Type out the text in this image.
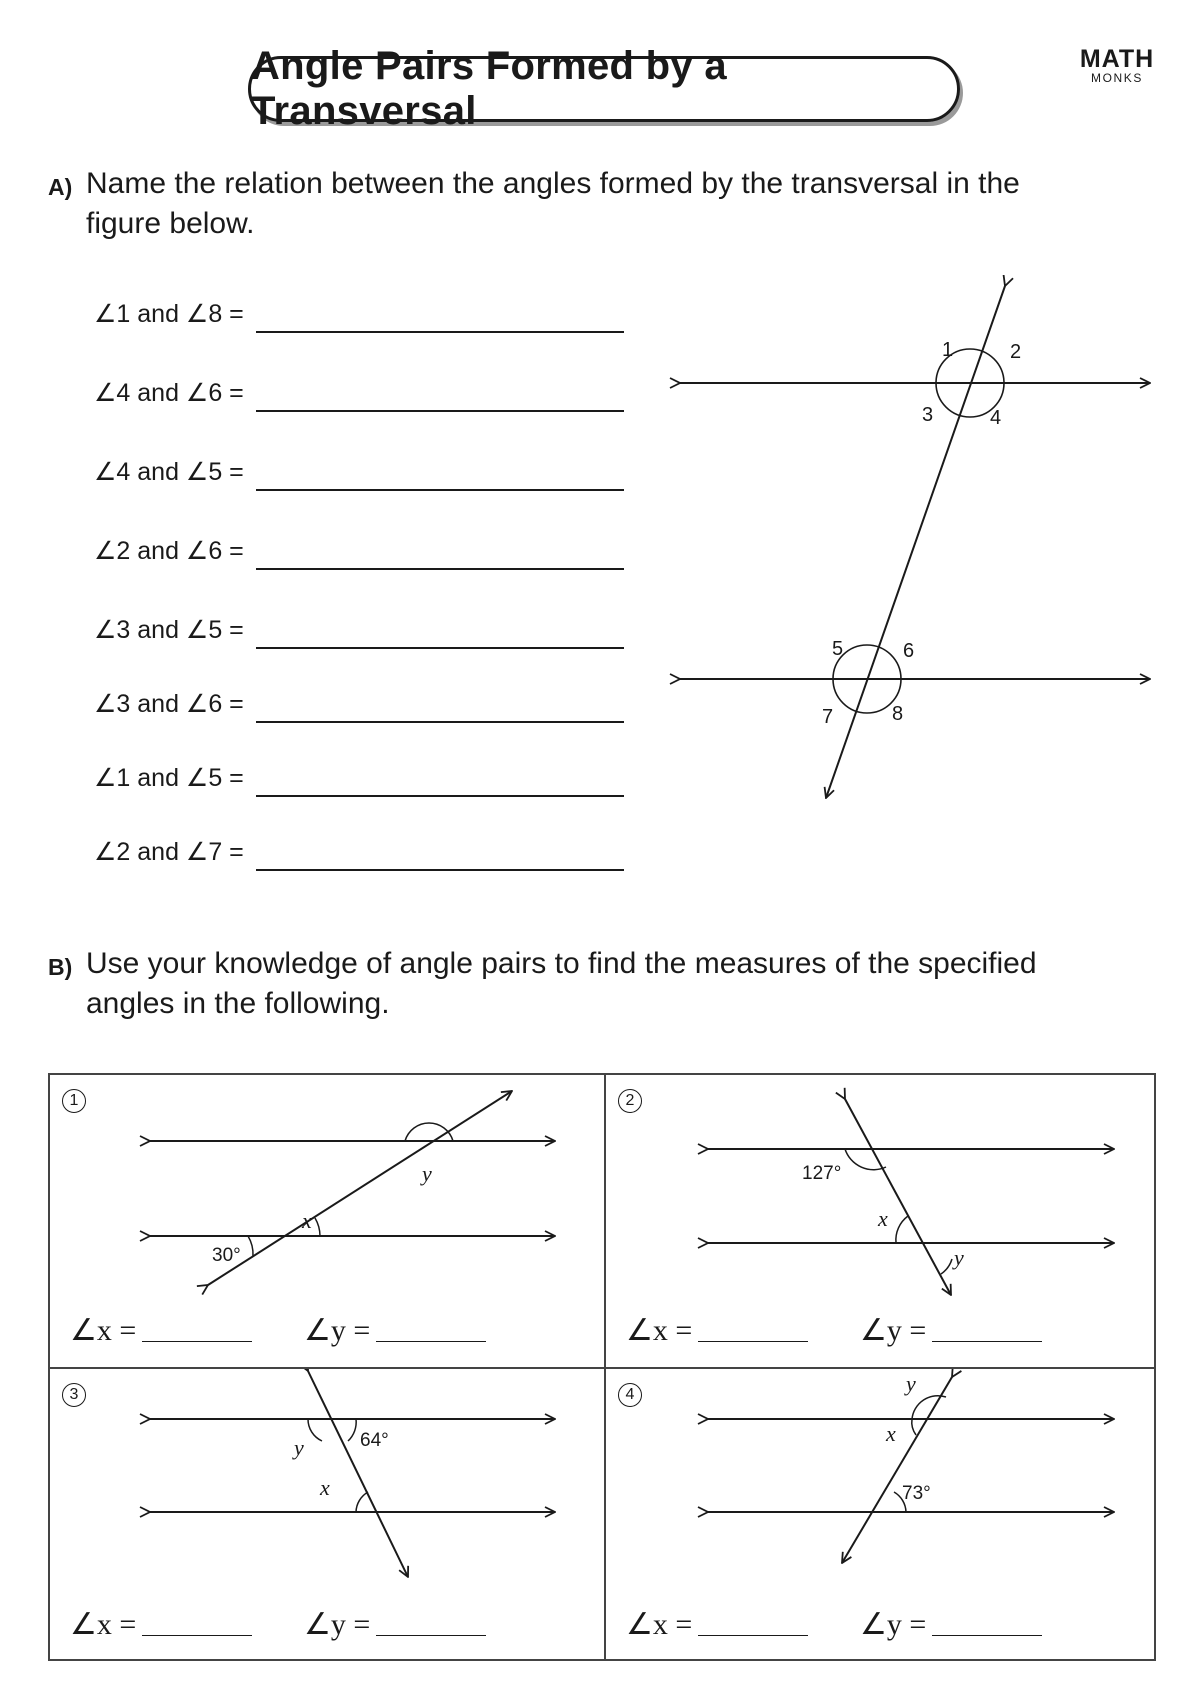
Angle Pairs Formed by a Transversal
MATH
MONKS
A) Name the relation between the angles formed by the transversal in the
figure below.
∠1 and ∠8 =
∠4 and ∠6 =
∠4 and ∠5 =
∠2 and ∠6 =
∠3 and ∠5 =
∠3 and ∠6 =
∠1 and ∠5 =
∠2 and ∠7 =
1	2
3	4
5	6
7	8
B) Use your knowledge of angle pairs to find the measures of the specified
angles in the following.
1
30°
x
y
∠x =	∠y =
2
127°
x
y
∠x =	∠y =
3
64°
y
x
∠x =	∠y =
4	y
x
73°
∠x =	∠y =
